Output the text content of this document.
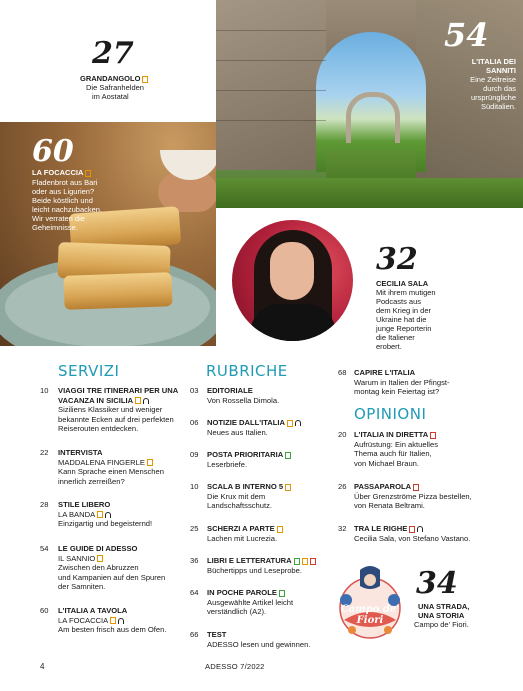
27
GRANDANGOLO
Die Safranhelden
im Aostatal
54
L'ITALIA DEI
SANNITI
Eine Zeitreise
durch das
ursprüngliche
Süditalien.
60
LA FOCACCIA
Fladenbrot aus Bari
oder aus Ligurien?
Beide köstlich und
leicht nachzubacken.
Wir verraten die
Geheimnisse.
32
CECILIA SALA
Mit ihrem mutigen
Podcasts aus
dem Krieg in der
Ukraine hat die
junge Reporterin
die Italiener
erobert.
SERVIZI
10 VIAGGI TRE ITINERARI PER UNA
VACANZA IN SICILIA
Siziliens Klassiker und weniger
bekannte Ecken auf drei perfekten
Reiserouten entdecken.
22 INTERVISTA
MADDALENA FINGERLE
Kann Sprache einen Menschen
innerlich zerreißen?
28 STILE LIBERO
LA BANDA
Einzigartig und begeisternd!
54 LE GUIDE DI ADESSO
IL SANNIO
Zwischen den Abruzzen
und Kampanien auf den Spuren
der Samniten.
60 L'ITALIA A TAVOLA
LA FOCACCIA
Am besten frisch aus dem Ofen.
RUBRICHE
03 EDITORIALE
Von Rossella Dimola.
06 NOTIZIE DALL'ITALIA
Neues aus Italien.
09 POSTA PRIORITARIA
Leserbriefe.
10 SCALA B INTERNO 5
Die Krux mit dem
Landschaftsschutz.
25 SCHERZI A PARTE
Lachen mit Lucrezia.
36 LIBRI E LETTERATURA
Büchertipps und Leseprobe.
64 IN POCHE PAROLE
Ausgewählte Artikel leicht
verständlich (A2).
66 TEST
ADESSO lesen und gewinnen.
68 CAPIRE L'ITALIA
Warum in Italien der Pfingst-
montag kein Feiertag ist?
OPINIONI
20 L'ITALIA IN DIRETTA
Aufrüstung: Ein aktuelles
Thema auch für Italien,
von Michael Braun.
26 PASSAPAROLA
Über Grenzströme Pizza bestellen,
von Renata Beltrami.
32 TRA LE RIGHE
Cecilia Sala, von Stefano Vastano.
Campo de' Fiori
34
UNA STRADA,
UNA STORIA
Campo de' Fiori.
4	ADESSO 7/2022
